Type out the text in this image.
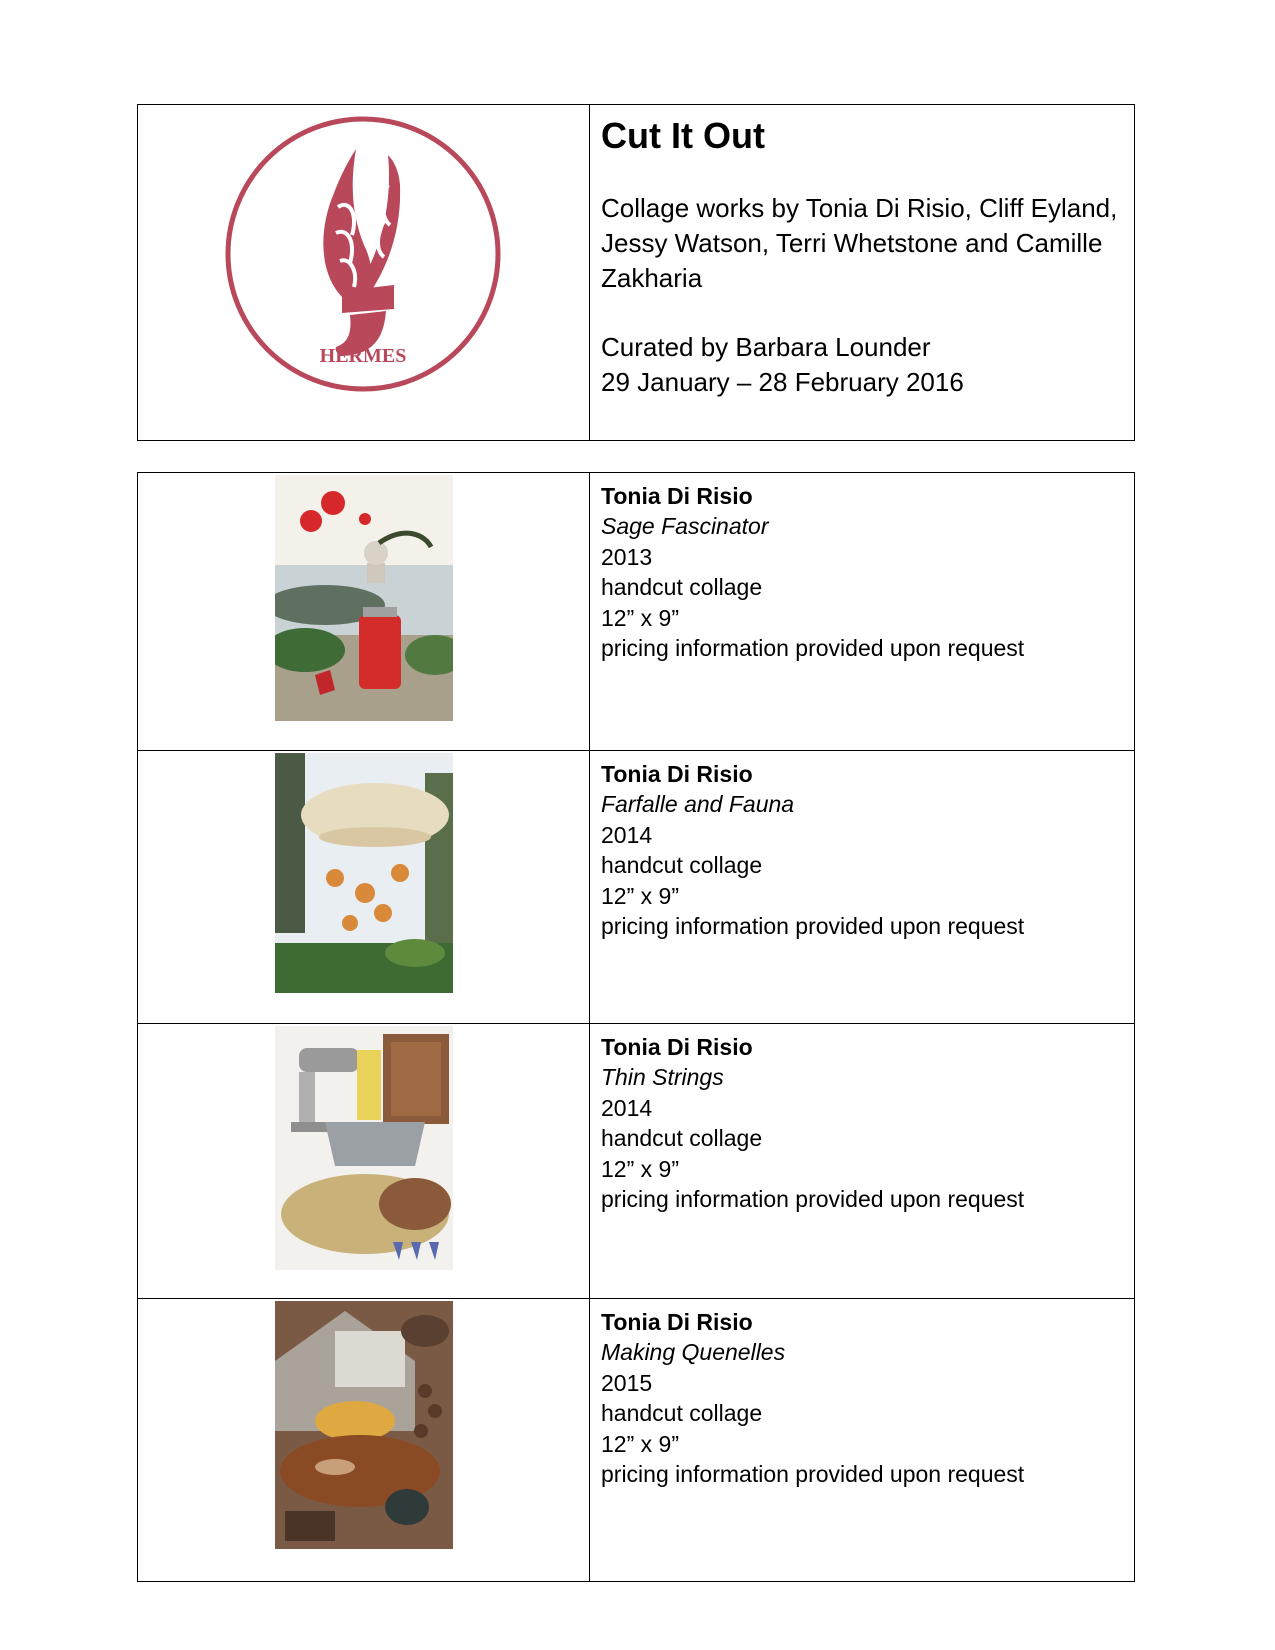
HERMES
Cut It Out

Collage works by Tonia Di Risio, Cliff Eyland, Jessy Watson, Terri Whetstone and Camille Zakharia

Curated by Barbara Lounder

29 January – 28 February 2016

Tonia Di Risio
Sage Fascinator
2013
handcut collage
12” x 9”
pricing information provided upon request
Tonia Di Risio
Farfalle and Fauna
2014
handcut collage
12” x 9”
pricing information provided upon request
Tonia Di Risio
Thin Strings
2014
handcut collage
12” x 9”
pricing information provided upon request
Tonia Di Risio
Making Quenelles
2015
handcut collage
12” x 9”
pricing information provided upon request
